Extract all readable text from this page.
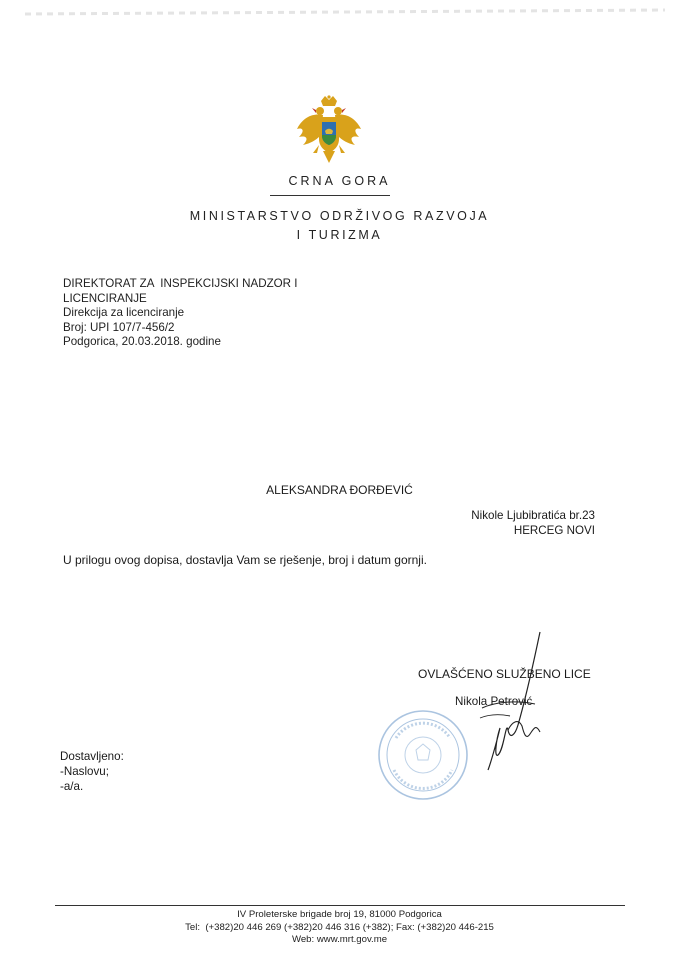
CRNA GORA
MINISTARSTVO ODRŽIVOG RAZVOJA
I TURIZMA
DIREKTORAT ZA  INSPEKCIJSKI NADZOR I
LICENCIRANJE
Direkcija za licenciranje
Broj: UPI 107/7-456/2
Podgorica, 20.03.2018. godine
ALEKSANDRA ĐORĐEVIĆ
Nikole Ljubibratića br.23
HERCEG NOVI
U prilogu ovog dopisa, dostavlja Vam se rješenje, broj i datum gornji.
OVLAŠĆENO SLUŽBENO LICE
Nikola Petrović
Dostavljeno:
-Naslovu;
-a/a.
IV Proleterske brigade broj 19, 81000 Podgorica
Tel:  (+382)20 446 269 (+382)20 446 316 (+382); Fax: (+382)20 446-215
Web: www.mrt.gov.me
